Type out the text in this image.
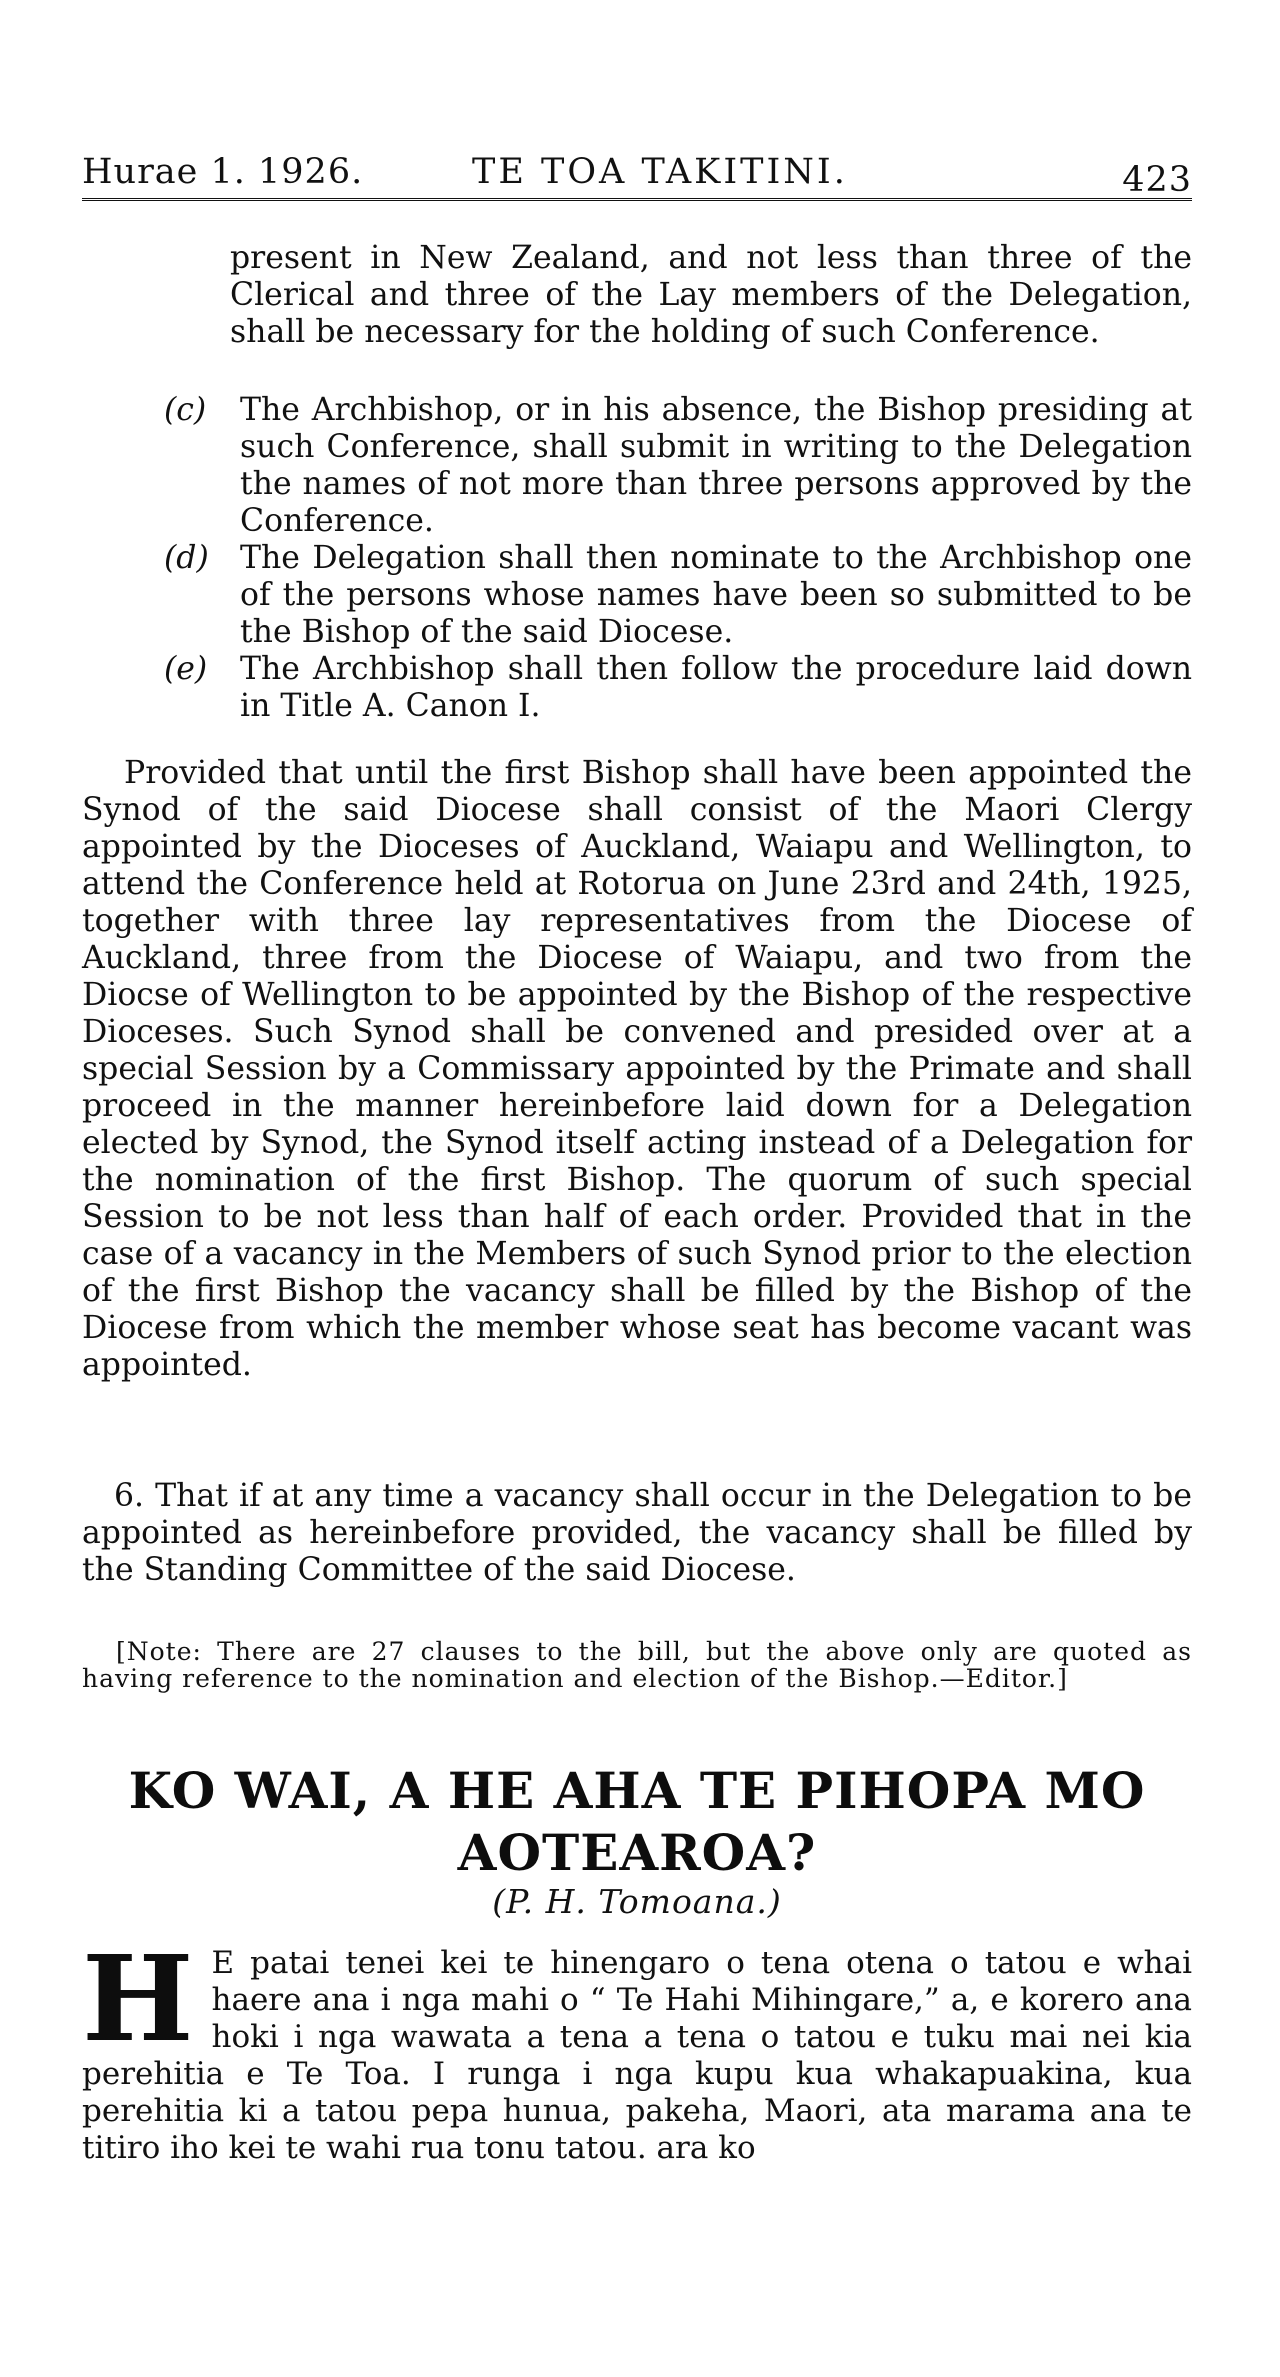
Hurae 1. 1926.	TE TOA TAKITINI.	423

present in New Zealand, and not less than three of the Clerical and three of the Lay members of the Delegation, shall be necessary for the holding of such Conference.

(c) The Archbishop, or in his absence, the Bishop presiding at such Conference, shall submit in writing to the Delegation the names of not more than three persons approved by the Conference.

(d) The Delegation shall then nominate to the Archbishop one of the persons whose names have been so submitted to be the Bishop of the said Diocese.

(e) The Archbishop shall then follow the procedure laid down in Title A. Canon I.

Provided that until the first Bishop shall have been appointed the Synod of the said Diocese shall consist of the Maori Clergy appointed by the Dioceses of Auckland, Waiapu and Wellington, to attend the Conference held at Rotorua on June 23rd and 24th, 1925, together with three lay representatives from the Diocese of Auckland, three from the Diocese of Waiapu, and two from the Diocse of Wellington to be appointed by the Bishop of the respective Dioceses. Such Synod shall be convened and presided over at a special Session by a Commissary appointed by the Primate and shall proceed in the manner hereinbefore laid down for a Delegation elected by Synod, the Synod itself acting instead of a Delegation for the nomination of the first Bishop. The quorum of such special Session to be not less than half of each order. Provided that in the case of a vacancy in the Members of such Synod prior to the election of the first Bishop the vacancy shall be filled by the Bishop of the Diocese from which the member whose seat has become vacant was appointed.

6. That if at any time a vacancy shall occur in the Delegation to be appointed as hereinbefore provided, the vacancy shall be filled by the Standing Committee of the said Diocese.

[Note: There are 27 clauses to the bill, but the above only are quoted as having reference to the nomination and election of the Bishop.—Editor.]
KO WAI, A HE AHA TE PIHOPA MO
AOTEAROA?
(P. H. Tomoana.)
H E patai tenei kei te hinengaro o tena otena o tatou e whai haere ana i nga mahi o “ Te Hahi Mihingare,” a, e korero ana hoki i nga wawata a tena a tena o tatou e tuku mai nei kia perehitia e Te Toa. I runga i nga kupu kua whakapuakina, kua perehitia ki a tatou pepa hunua, pakeha, Maori, ata marama ana te titiro iho kei te wahi rua tonu tatou. ara ko
